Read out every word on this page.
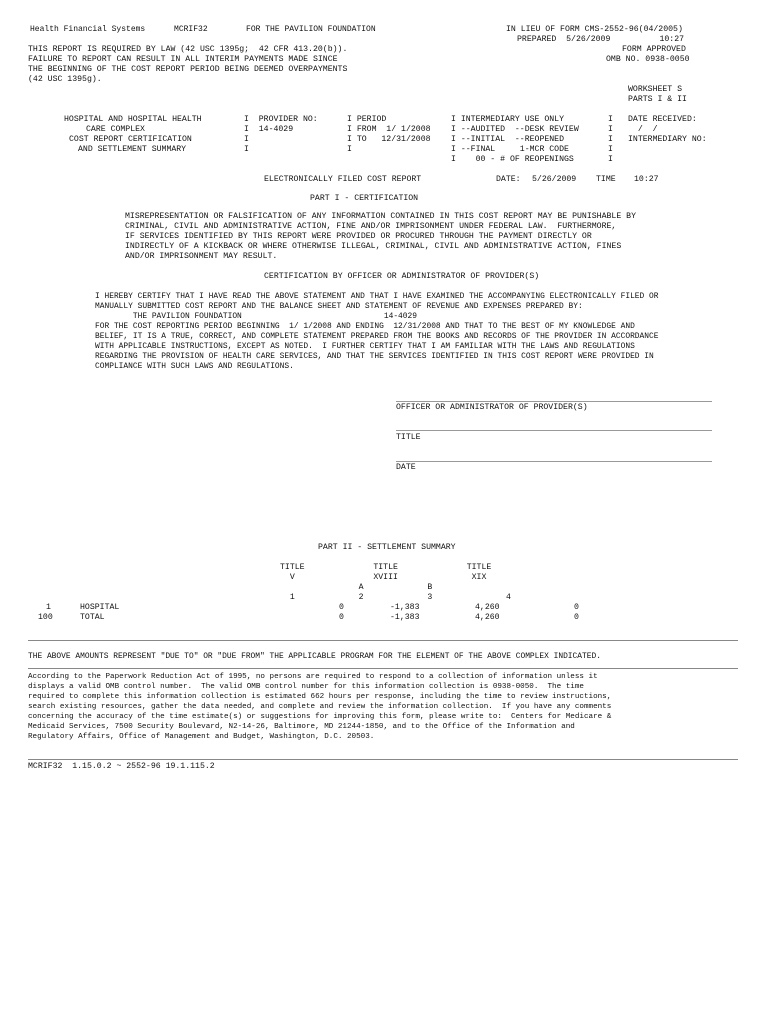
Health Financial Systems      MCRIF32        FOR THE PAVILION FOUNDATION	IN LIEU OF FORM CMS-2552-96(04/2005)
PREPARED  5/26/2009          10:27
FORM APPROVED
OMB NO. 0938-0050
THIS REPORT IS REQUIRED BY LAW (42 USC 1395g;  42 CFR 413.20(b)).
FAILURE TO REPORT CAN RESULT IN ALL INTERIM PAYMENTS MADE SINCE
THE BEGINNING OF THE COST REPORT PERIOD BEING DEEMED OVERPAYMENTS
(42 USC 1395g).
WORKSHEET S
PARTS I & II
HOSPITAL AND HOSPITAL HEALTH
CARE COMPLEX
COST REPORT CERTIFICATION
AND SETTLEMENT SUMMARY
I  PROVIDER NO:
I  14-4029
I
I
I PERIOD
I FROM  1/ 1/2008
I TO   12/31/2008
I
I INTERMEDIARY USE ONLY
I --AUDITED  --DESK REVIEW
I --INITIAL  --REOPENED
I --FINAL     1-MCR CODE
I    00 - # OF REOPENINGS
I
I
I
I
I
DATE RECEIVED:
/  /
INTERMEDIARY NO:
ELECTRONICALLY FILED COST REPORT	DATE: 5/26/2009 TIME 10:27
PART I - CERTIFICATION
MISREPRESENTATION OR FALSIFICATION OF ANY INFORMATION CONTAINED IN THIS COST REPORT MAY BE PUNISHABLE BY
CRIMINAL, CIVIL AND ADMINISTRATIVE ACTION, FINE AND/OR IMPRISONMENT UNDER FEDERAL LAW.  FURTHERMORE,
IF SERVICES IDENTIFIED BY THIS REPORT WERE PROVIDED OR PROCURED THROUGH THE PAYMENT DIRECTLY OR
INDIRECTLY OF A KICKBACK OR WHERE OTHERWISE ILLEGAL, CRIMINAL, CIVIL AND ADMINISTRATIVE ACTION, FINES
AND/OR IMPRISONMENT MAY RESULT.
CERTIFICATION BY OFFICER OR ADMINISTRATOR OF PROVIDER(S)
I HEREBY CERTIFY THAT I HAVE READ THE ABOVE STATEMENT AND THAT I HAVE EXAMINED THE ACCOMPANYING ELECTRONICALLY FILED OR
MANUALLY SUBMITTED COST REPORT AND THE BALANCE SHEET AND STATEMENT OF REVENUE AND EXPENSES PREPARED BY:
THE PAVILION FOUNDATION                              14-4029
FOR THE COST REPORTING PERIOD BEGINNING  1/ 1/2008 AND ENDING  12/31/2008 AND THAT TO THE BEST OF MY KNOWLEDGE AND
BELIEF, IT IS A TRUE, CORRECT, AND COMPLETE STATEMENT PREPARED FROM THE BOOKS AND RECORDS OF THE PROVIDER IN ACCORDANCE
WITH APPLICABLE INSTRUCTIONS, EXCEPT AS NOTED.  I FURTHER CERTIFY THAT I AM FAMILIAR WITH THE LAWS AND REGULATIONS
REGARDING THE PROVISION OF HEALTH CARE SERVICES, AND THAT THE SERVICES IDENTIFIED IN THIS COST REPORT WERE PROVIDED IN
COMPLIANCE WITH SUCH LAWS AND REGULATIONS.
OFFICER OR ADMINISTRATOR OF PROVIDER(S)
TITLE
DATE
PART II - SETTLEMENT SUMMARY
TITLE              TITLE              TITLE
V                XVIII               XIX
A             B
1             2             3               4
1	HOSPITAL	0	-1,383	4,260	0
100	TOTAL	0	-1,383	4,260	0
THE ABOVE AMOUNTS REPRESENT "DUE TO" OR "DUE FROM" THE APPLICABLE PROGRAM FOR THE ELEMENT OF THE ABOVE COMPLEX INDICATED.
According to the Paperwork Reduction Act of 1995, no persons are required to respond to a collection of information unless it
displays a valid OMB control number.  The valid OMB control number for this information collection is 0938-0050.  The time
required to complete this information collection is estimated 662 hours per response, including the time to review instructions,
search existing resources, gather the data needed, and complete and review the information collection.  If you have any comments
concerning the accuracy of the time estimate(s) or suggestions for improving this form, please write to:  Centers for Medicare &
Medicaid Services, 7500 Security Boulevard, N2-14-26, Baltimore, MD 21244-1850, and to the Office of the Information and
Regulatory Affairs, Office of Management and Budget, Washington, D.C. 20503.
MCRIF32  1.15.0.2 ~ 2552-96 19.1.115.2
